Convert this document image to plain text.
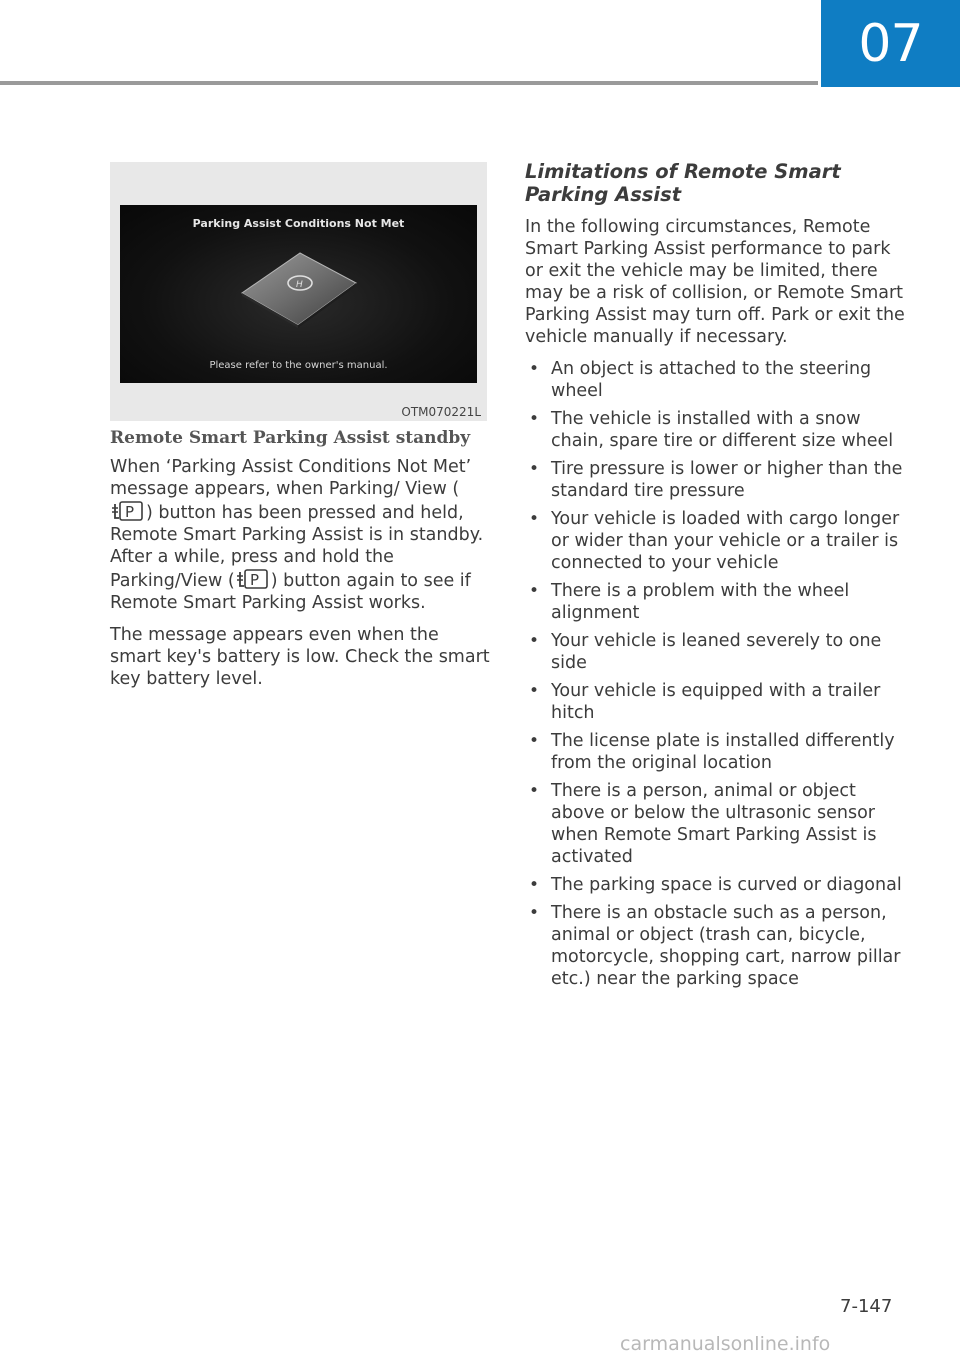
07
Parking Assist Conditions Not Met
H
Please refer to the owner's manual.
OTM070221L
Remote Smart Parking Assist standby

When ‘Parking Assist Conditions Not Met’ message appears, when Parking/ View (
P ) button has been pressed and held, Remote Smart Parking Assist is in standby. After a while, press and hold the Parking/View ( P ) button again to see if Remote Smart Parking Assist works.

The message appears even when the smart key's battery is low. Check the smart key battery level.

Limitations of Remote Smart Parking Assist

In the following circumstances, Remote Smart Parking Assist performance to park or exit the vehicle may be limited, there may be a risk of collision, or Remote Smart Parking Assist may turn off. Park or exit the vehicle manually if necessary.

• An object is attached to the steering wheel
• The vehicle is installed with a snow chain, spare tire or different size wheel
• Tire pressure is lower or higher than the standard tire pressure
• Your vehicle is loaded with cargo longer or wider than your vehicle or a trailer is connected to your vehicle
• There is a problem with the wheel alignment
• Your vehicle is leaned severely to one side
• Your vehicle is equipped with a trailer hitch
• The license plate is installed differently from the original location
• There is a person, animal or object above or below the ultrasonic sensor when Remote Smart Parking Assist is activated
• The parking space is curved or diagonal
• There is an obstacle such as a person, animal or object (trash can, bicycle, motorcycle, shopping cart, narrow pillar etc.) near the parking space
7-147
carmanualsonline.info
